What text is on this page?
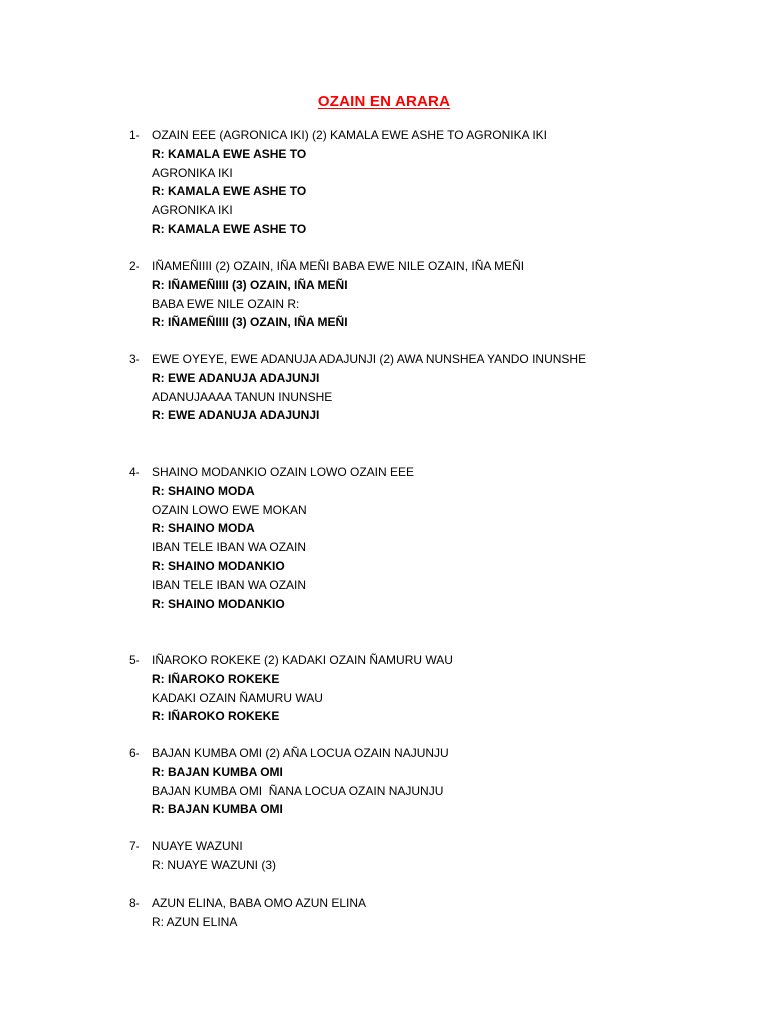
OZAIN EN ARARA
1- OZAIN EEE (AGRONICA IKI) (2) KAMALA EWE ASHE TO AGRONIKA IKI
R: KAMALA EWE ASHE TO
AGRONIKA IKI
R: KAMALA EWE ASHE TO
AGRONIKA IKI
R: KAMALA EWE ASHE TO
2- IÑAMEÑIIII (2) OZAIN, IÑA MEÑI BABA EWE NILE OZAIN, IÑA MEÑI
R: IÑAMEÑIIII (3) OZAIN, IÑA MEÑI
BABA EWE NILE OZAIN R:
R: IÑAMEÑIIII (3) OZAIN, IÑA MEÑI
3- EWE OYEYE, EWE ADANUJA ADAJUNJI (2) AWA NUNSHEA YANDO INUNSHE
R: EWE ADANUJA ADAJUNJI
ADANUJAAAA TANUN INUNSHE
R: EWE ADANUJA ADAJUNJI
4- SHAINO MODANKIO OZAIN LOWO OZAIN EEE
R: SHAINO MODA
OZAIN LOWO EWE MOKAN
R: SHAINO MODA
IBAN TELE IBAN WA OZAIN
R: SHAINO MODANKIO
IBAN TELE IBAN WA OZAIN
R: SHAINO MODANKIO
5- IÑAROKO ROKEKE (2) KADAKI OZAIN ÑAMURU WAU
R: IÑAROKO ROKEKE
KADAKI OZAIN ÑAMURU WAU
R: IÑAROKO ROKEKE
6- BAJAN KUMBA OMI (2) AÑA LOCUA OZAIN NAJUNJU
R: BAJAN KUMBA OMI
BAJAN KUMBA OMI  ÑANA LOCUA OZAIN NAJUNJU
R: BAJAN KUMBA OMI
7- NUAYE WAZUNI
R: NUAYE WAZUNI (3)
8- AZUN ELINA, BABA OMO AZUN ELINA
R: AZUN ELINA
